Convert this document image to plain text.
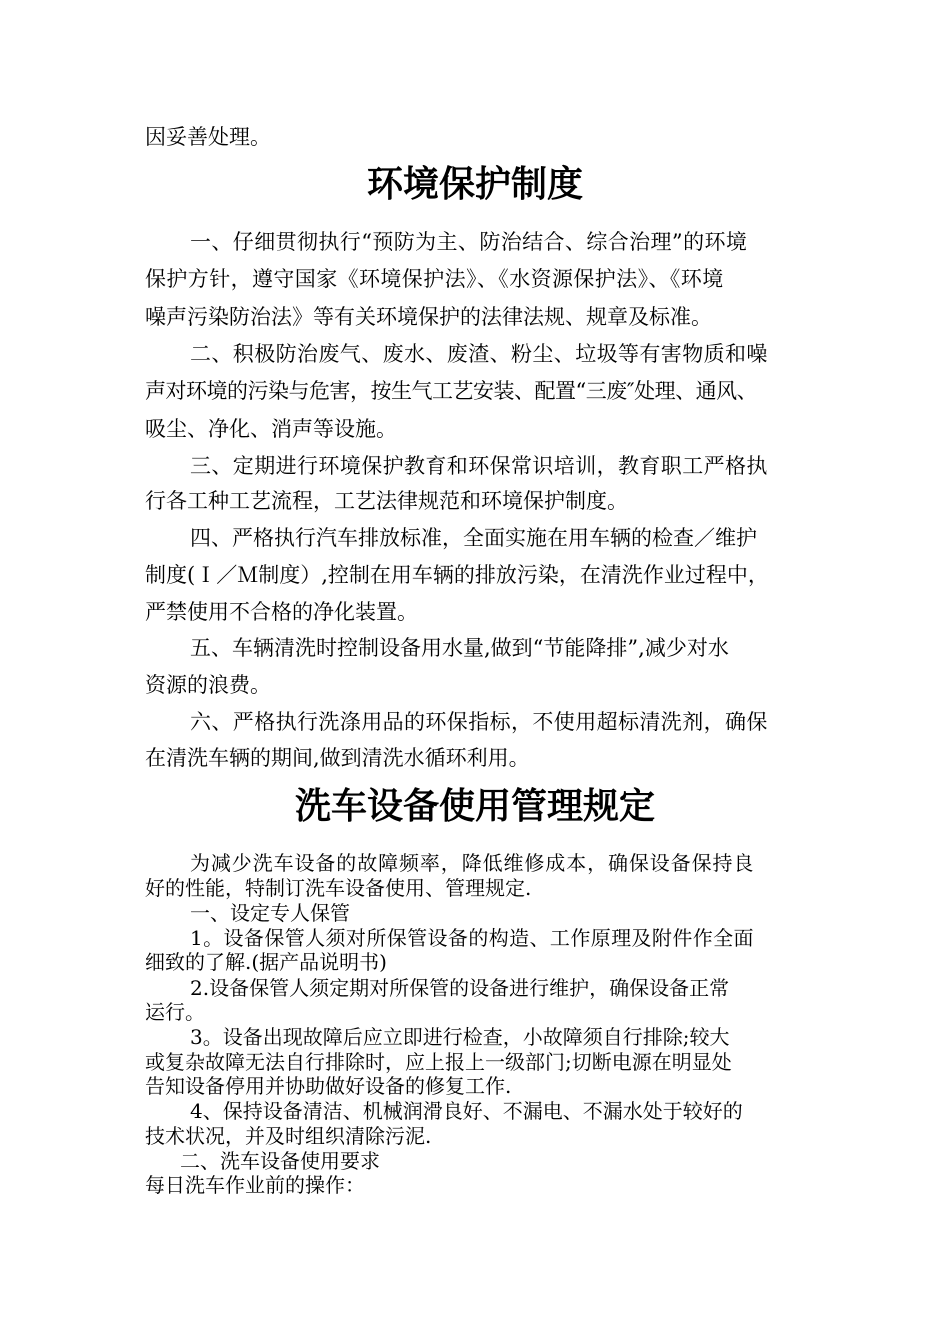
因妥善处理。
环境保护制度
一、仔细贯彻执行“预防为主、防治结合、综合治理”的环境
保护方针，遵守国家《环境保护法》、《水资源保护法》、《环境
噪声污染防治法》等有关环境保护的法律法规、规章及标准。
二、积极防治废气、废水、废渣、粉尘、垃圾等有害物质和噪
声对环境的污染与危害，按生气工艺安装、配置“三废″处理、通风、
吸尘、净化、消声等设施。
三、定期进行环境保护教育和环保常识培训，教育职工严格执
行各工种工艺流程，工艺法律规范和环境保护制度。
四、严格执行汽车排放标准，全面实施在用车辆的检查／维护
制度(Ｉ／Ｍ制度）,控制在用车辆的排放污染，在清洗作业过程中，
严禁使用不合格的净化装置。
五、车辆清洗时控制设备用水量,做到“节能降排”,减少对水
资源的浪费。
六、严格执行洗涤用品的环保指标，不使用超标清洗剂，确保
在清洗车辆的期间,做到清洗水循环利用。
洗车设备使用管理规定
为减少洗车设备的故障频率，降低维修成本，确保设备保持良
好的性能，特制订洗车设备使用、管理规定.
一、设定专人保管
1。设备保管人须对所保管设备的构造、工作原理及附件作全面
细致的了解.(据产品说明书)
2.设备保管人须定期对所保管的设备进行维护，确保设备正常
运行。
3。设备出现故障后应立即进行检查，小故障须自行排除;较大
或复杂故障无法自行排除时，应上报上一级部门;切断电源在明显处
告知设备停用并协助做好设备的修复工作.
4、保持设备清洁、机械润滑良好、不漏电、不漏水处于较好的
技术状况，并及时组织清除污泥.
二、洗车设备使用要求
每日洗车作业前的操作：
